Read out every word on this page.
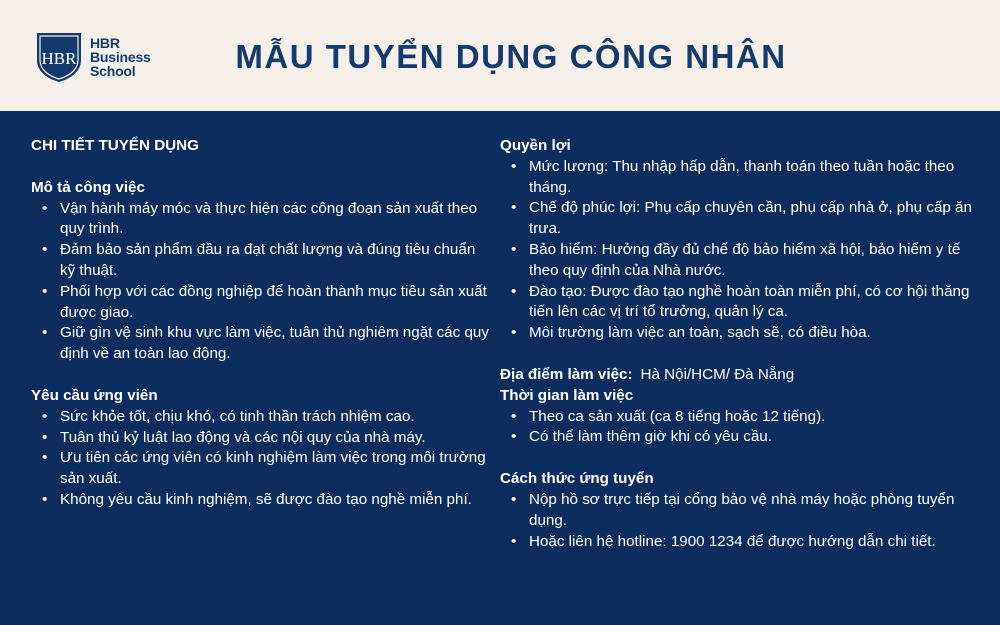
HBR
HBR
Business
School	MẪU TUYỂN DỤNG CÔNG NHÂN

CHI TIẾT TUYỂN DỤNG

Mô tả công việc

• Vận hành máy móc và thực hiện các công đoạn sản xuất theo quy trình.
• Đảm bảo sản phẩm đầu ra đạt chất lượng và đúng tiêu chuẩn kỹ thuật.
• Phối hợp với các đồng nghiệp để hoàn thành mục tiêu sản xuất được giao.
• Giữ gìn vệ sinh khu vực làm việc, tuân thủ nghiêm ngặt các quy định về an toàn lao động.

Yêu cầu ứng viên

• Sức khỏe tốt, chịu khó, có tinh thần trách nhiệm cao.
• Tuân thủ kỷ luật lao động và các nội quy của nhà máy.
• Ưu tiên các ứng viên có kinh nghiệm làm việc trong môi trường sản xuất.
• Không yêu cầu kinh nghiệm, sẽ được đào tạo nghề miễn phí.

Quyền lợi

• Mức lương: Thu nhập hấp dẫn, thanh toán theo tuần hoặc theo tháng.
• Chế độ phúc lợi: Phụ cấp chuyên cần, phụ cấp nhà ở, phụ cấp ăn trưa.
• Bảo hiểm: Hưởng đầy đủ chế độ bảo hiểm xã hội, bảo hiểm y tế theo quy định của Nhà nước.
• Đào tạo: Được đào tạo nghề hoàn toàn miễn phí, có cơ hội thăng tiến lên các vị trí tổ trưởng, quản lý ca.
• Môi trường làm việc an toàn, sạch sẽ, có điều hòa.
Địa điểm làm việc: Hà Nội/HCM/ Đà Nẵng

Thời gian làm việc

• Theo ca sản xuất (ca 8 tiếng hoặc 12 tiếng).
• Có thể làm thêm giờ khi có yêu cầu.

Cách thức ứng tuyển

• Nộp hồ sơ trực tiếp tại cổng bảo vệ nhà máy hoặc phòng tuyển dụng.
• Hoặc liên hệ hotline: 1900 1234 để được hướng dẫn chi tiết.
